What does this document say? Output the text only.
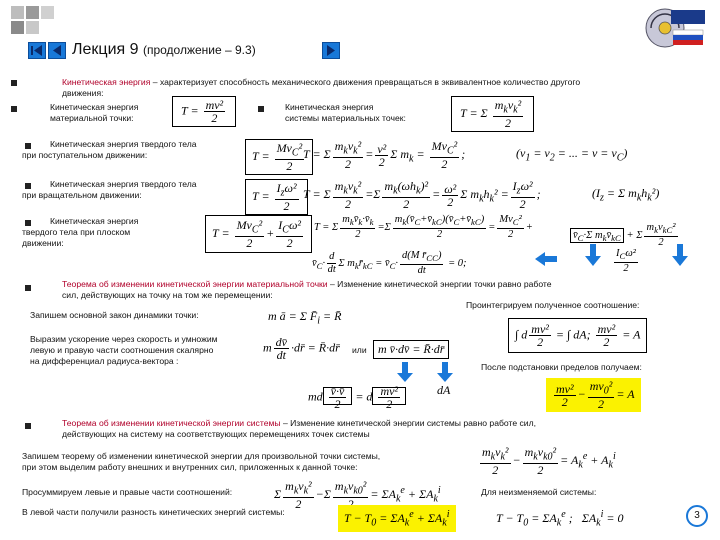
Лекция 9 (продолжение – 9.3)
Кинетическая энергия – характеризует способность механического движения превращаться в эквивалентное количество другого
движения:
Кинетическая энергия
материальной точки:
$T = \frac{\text{mv²}}{2}$	Кинетическая энергия
системы материальных точек:	T = Σ $\frac{m_kv_k^2}{2}$
Кинетическая энергия твердого тела
при поступательном движении:	$T = \frac{Mv_C^2}{2}$
T = Σ $\frac{m_kv_k^2}{2} = \frac{\text{v²}}{2}$ Σ $m_k = \frac{Mv_C^2}{2}$ ;	($v_1 = v_2$ = ... = $v = v_C$)
Кинетическая энергия твердого тела
при вращательном движении:	$T = \frac{I_z\omega^2}{2}$ T = Σ $\frac{m_kv_k^2}{2} =\Sigma \frac{m_k(\omega h_k)^2}{2} = \frac{\text{ω²}}{2}$ Σ $m_kh_k^2 = \frac{I_z\omega^2}{2}$ ;	($I_z = \Sigma$ $m_kh_k^2$)
Кинетическая энергия
твердого тела при плоском
движении:
$T = \frac{Mv_C^2}{2} + \frac{I_C\omega^2}{2}$ T = Σ $\frac{m_kv̄_k\cdot v̄_k}{2} =\Sigma \frac{m_k(v̄_C+v̄_{kC})(v̄_C+v̄_{kC})}{2} = \frac{Mv_C^2}{2}$ +
$v̄_C\cdot\Sigma$ $m_kv̄_{kC} + \Sigma \frac{m_kv_{kC}^2}{2}$
$v̄_C\cdot \frac{d}{dt}$ Σ $m_kr̄_{kC}$ = $v̄_C\cdot \frac{d(M r̄_{CC})}{dt} = 0$;	$\frac{I_C\omega^2}{2}$
Теорема об изменении кинетической энергии материальной точки – Изменение кинетической энергии точки равно работе
сил, действующих на точку на том же перемещении:
Проинтегрируем полученное соотношение:
Запишем основной закон динамики точки:	m ā = Σ $F̄_i$ = R̄
∫ d $\frac{\text{mv²}}{2}$ = ∫ dA; $\frac{\text{mv²}}{2} = A$
Выразим ускорение через скорость и умножим
левую и правую части соотношения скалярно
на дифференциал радиуса-вектора :
m $\frac{dv̄}{dt}$ ·dr̄ = R̄·dr̄ или m v̄·dv̄ = R̄·dr̄
После подстановки пределов получаем:
dA	$\frac{\text{mv²}}{2} - \frac{mv_0^2}{2} = A$
md $\frac{v̄\cdot v̄}{2} = d \frac{\text{mv²}}{2}$
Теорема об изменении кинетической энергии системы – Изменение кинетической энергии системы равно работе сил,
действующих на систему на соответствующих перемещениях точек системы
Запишем теорему об изменении кинетической энергии для произвольной точки системы,
при этом выделим работу внешних и внутренних сил, приложенных к данной точке:	$\frac{m_kv_k^2}{2} - \frac{m_kv_{k0}^2}{2} = A_k^e + A_k^i$
Просуммируем левые и правые части соотношений:	Σ $\frac{m_kv_k^2}{2} -\Sigma$
$m_kv_{k0}^2$
= $\Sigma A_k^e + \Sigma A_k^i$	Для неизменяемой системы:
В левой части получили разность кинетических энергий системы:	$T - T_0 = \Sigma A_k^e + \Sigma A_k^i$	$T - T_0 = \Sigma A_k^e$ ;   $\Sigma A_k^i = 0$	3
